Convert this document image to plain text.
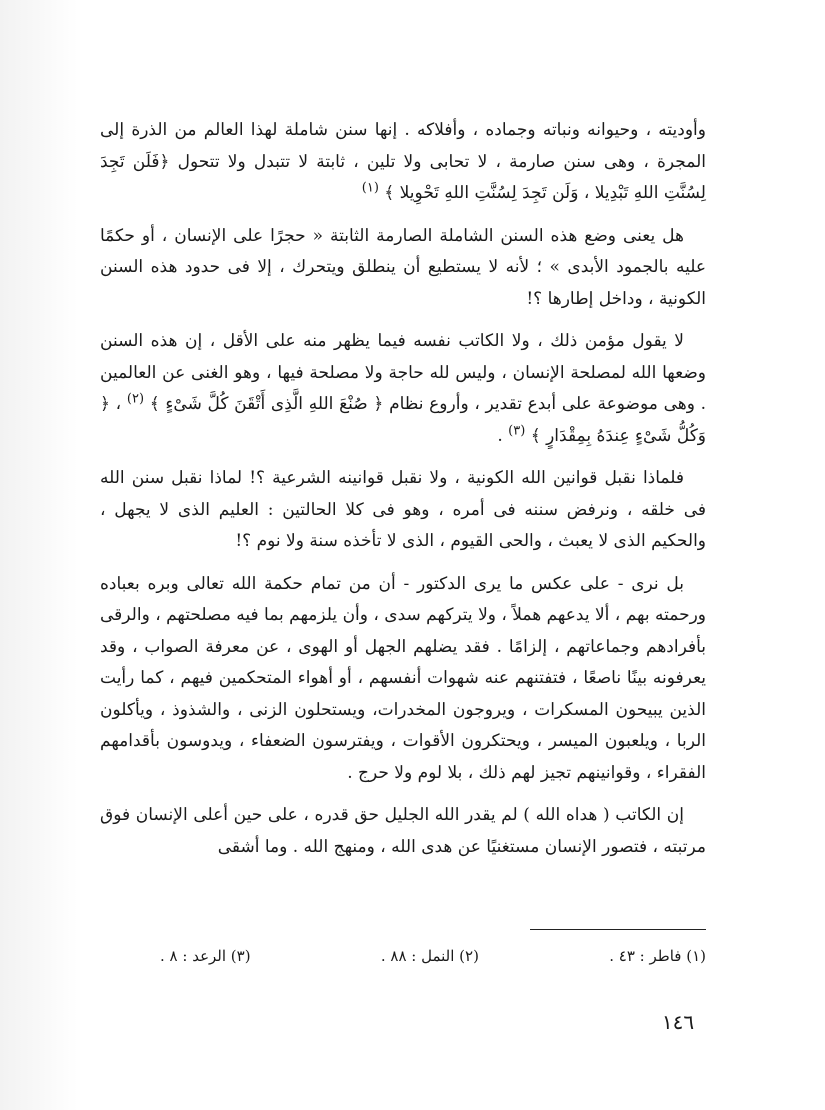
وأوديته ، وحيوانه ونباته وجماده ، وأفلاكه . إنها سنن شاملة لهذا العالم من الذرة إلى المجرة ، وهى سنن صارمة ، لا تحابى ولا تلين ، ثابتة لا تتبدل ولا تتحول ﴿فَلَن تَجِدَ لِسُنَّتِ اللهِ تَبْدِيلا ، وَلَن تَجِدَ لِسُنَّتِ اللهِ تَحْوِيلا ﴾ $^{(١)}$

هل يعنى وضع هذه السنن الشاملة الصارمة الثابتة « حجرًا على الإنسان ، أو حكمًا عليه بالجمود الأبدى » ؛ لأنه لا يستطيع أن ينطلق ويتحرك ، إلا فى حدود هذه السنن الكونية ، وداخل إطارها ؟!

لا يقول مؤمن ذلك ، ولا الكاتب نفسه فيما يظهر منه على الأقل ، إن هذه السنن وضعها الله لمصلحة الإنسان ، وليس لله حاجة ولا مصلحة فيها ، وهو الغنى عن العالمين . وهى موضوعة على أبدع تقدير ، وأروع نظام ﴿ صُنْعَ اللهِ الَّذِى أَتْقَنَ كُلَّ شَىْءٍ ﴾ $^{(٢)}$ ، ﴿ وَكُلُّ شَىْءٍ عِندَهُ بِمِقْدَارٍ ﴾ $^{(٣)}$ .

فلماذا نقبل قوانين الله الكونية ، ولا نقبل قوانينه الشرعية ؟! لماذا نقبل سنن الله فى خلقه ، ونرفض سننه فى أمره ، وهو فى كلا الحالتين : العليم الذى لا يجهل ، والحكيم الذى لا يعبث ، والحى القيوم ، الذى لا تأخذه سنة ولا نوم ؟!

بل نرى - على عكس ما يرى الدكتور - أن من تمام حكمة الله تعالى وبره بعباده ورحمته بهم ، ألا يدعهم هملاً ، ولا يتركهم سدى ، وأن يلزمهم بما فيه مصلحتهم ، والرقى بأفرادهم وجماعاتهم ، إلزامًا . فقد يضلهم الجهل أو الهوى ، عن معرفة الصواب ، وقد يعرفونه بينًا ناصعًا ، فتفتنهم عنه شهوات أنفسهم ، أو أهواء المتحكمين فيهم ، كما رأيت الذين يبيحون المسكرات ، ويروجون المخدرات، ويستحلون الزنى ، والشذوذ ، ويأكلون الربا ، ويلعبون الميسر ، ويحتكرون الأقوات ، ويفترسون الضعفاء ، ويدوسون بأقدامهم الفقراء ، وقوانينهم تجيز لهم ذلك ، بلا لوم ولا حرج .

إن الكاتب ( هداه الله ) لم يقدر الله الجليل حق قدره ، على حين أعلى الإنسان فوق مرتبته ، فتصور الإنسان مستغنيًا عن هدى الله ، ومنهج الله . وما أشقى

(١) فاطر : ٤٣ .
(٢) النمل : ٨٨ .
(٣) الرعد : ٨ .
١٤٦
